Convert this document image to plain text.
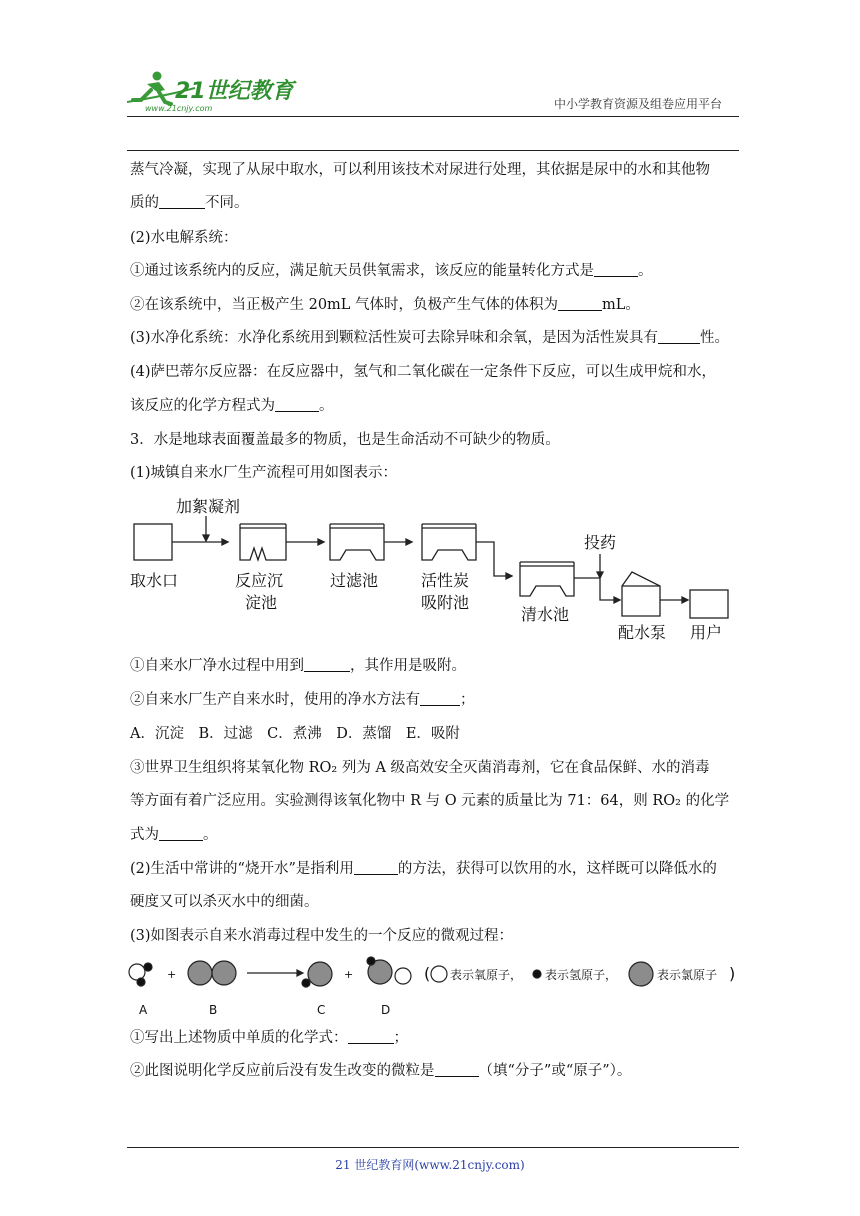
21世纪教育
www.21cnjy.com	中小学教育资源及组卷应用平台
蒸气冷凝，实现了从尿中取水，可以利用该技术对尿进行处理，其依据是尿中的水和其他物
质的	不同。
(2)水电解系统：
①通过该系统内的反应，满足航天员供氧需求，该反应的能量转化方式是	。
②在该系统中，当正极产生 20mL 气体时，负极产生气体的体积为	mL。
(3)水净化系统：水净化系统用到颗粒活性炭可去除异味和余氧，是因为活性炭具有	性。
(4)萨巴蒂尔反应器：在反应器中，氢气和二氧化碳在一定条件下反应，可以生成甲烷和水，
该反应的化学方程式为	。
3．水是地球表面覆盖最多的物质，也是生命活动不可缺少的物质。
(1)城镇自来水厂生产流程可用如图表示：
加絮凝剂
取水口	反应沉
淀池
过滤池	活性炭
吸附池
清水池
投药
配水泵 用户
①自来水厂净水过程中用到	，其作用是吸附。
②自来水厂生产自来水时，使用的净水方法有	；
A．沉淀　B．过滤　C．煮沸　D．蒸馏　E．吸附
③世界卫生组织将某氧化物 RO₂ 列为 A 级高效安全灭菌消毒剂，它在食品保鲜、水的消毒
等方面有着广泛应用。实验测得该氧化物中 R 与 O 元素的质量比为 71：64，则 RO₂ 的化学
式为	。
(2)生活中常讲的“烧开水”是指利用	的方法，获得可以饮用的水，这样既可以降低水的
硬度又可以杀灭水中的细菌。
(3)如图表示自来水消毒过程中发生的一个反应的微观过程：
+	+	( 表示氧原子， 表示氢原子，	表示氯原子 )
A	B	C	D
①写出上述物质中单质的化学式：	；
②此图说明化学反应前后没有发生改变的微粒是	（填“分子”或“原子”）。
21 世纪教育网(www.21cnjy.com)
